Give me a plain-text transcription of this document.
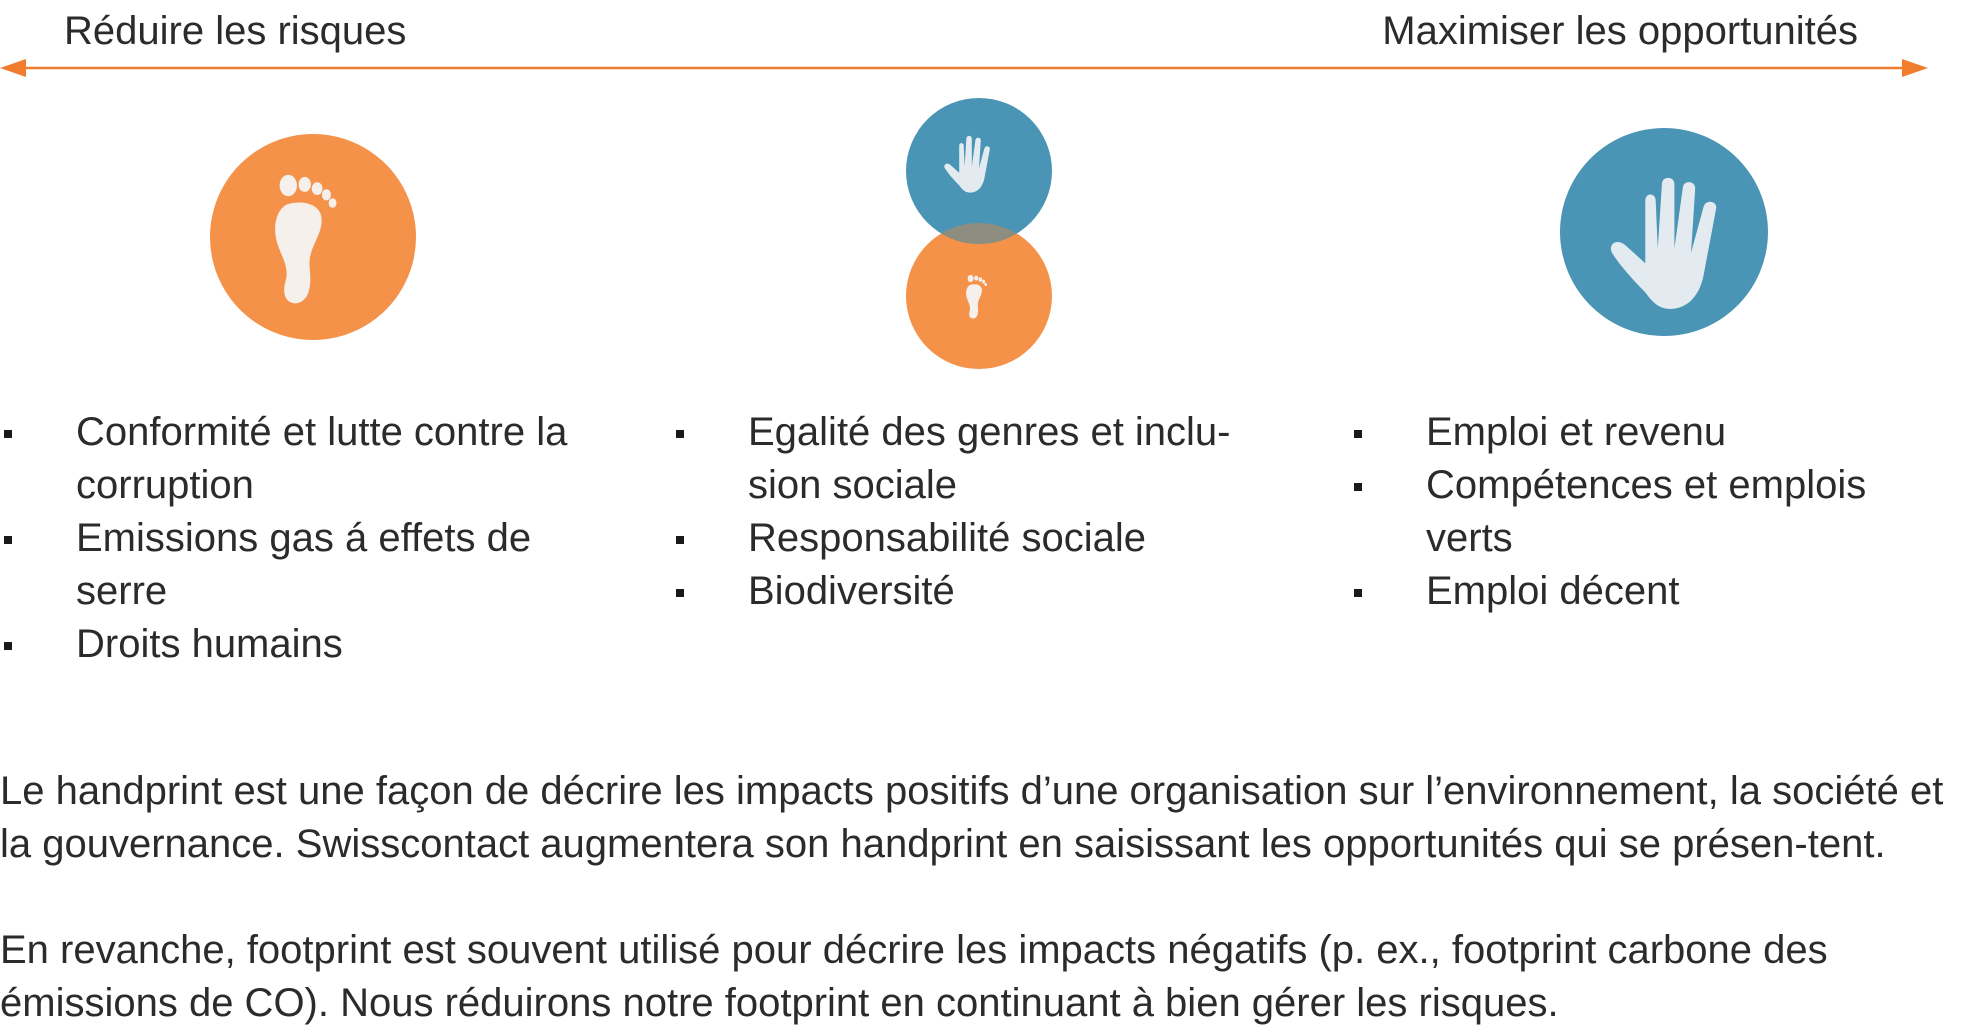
Réduire les risques	Maximiser les opportunités
Conformité et lutte contre la corruption
Emissions gas á effets de serre
Droits humains
Egalité des genres et inclu-sion sociale
Responsabilité sociale
Biodiversité
Emploi et revenu
Compétences et emplois verts
Emploi décent

Le handprint est une façon de décrire les impacts positifs d’une organisation sur l’environnement, la société et la gouvernance. Swisscontact augmentera son handprint en saisissant les opportunités qui se présen-tent.

En revanche, footprint est souvent utilisé pour décrire les impacts négatifs (p. ex., footprint carbone des émissions de CO). Nous réduirons notre footprint en continuant à bien gérer les risques.
